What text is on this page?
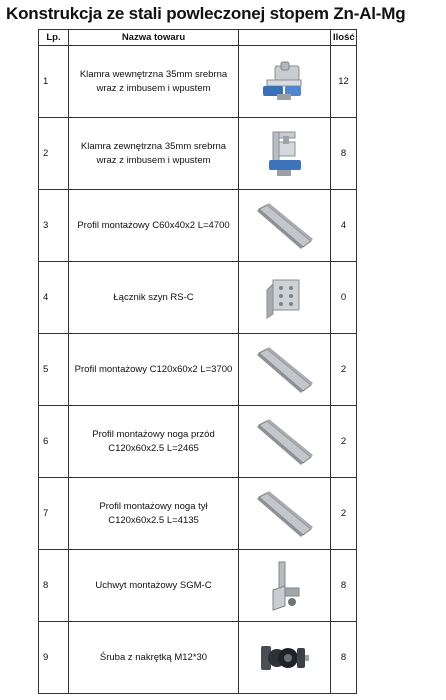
Konstrukcja ze stali powleczonej stopem Zn-Al-Mg
Lp.	Nazwa towaru		Ilość
1	Klamra wewnętrzna 35mm srebrna wraz z imbusem i wpustem		12
2	Klamra zewnętrzna 35mm srebrna wraz z imbusem i wpustem		8
3	Profil montażowy C60x40x2 L=4700		4
4	Łącznik szyn RS-C		0
5	Profil montażowy C120x60x2 L=3700		2
6	Profil montażowy noga przód C120x60x2.5 L=2465		2
7	Profil montażowy noga tył C120x60x2.5 L=4135		2
8	Uchwyt montażowy SGM-C		8
9	Śruba z nakrętką M12*30		8
